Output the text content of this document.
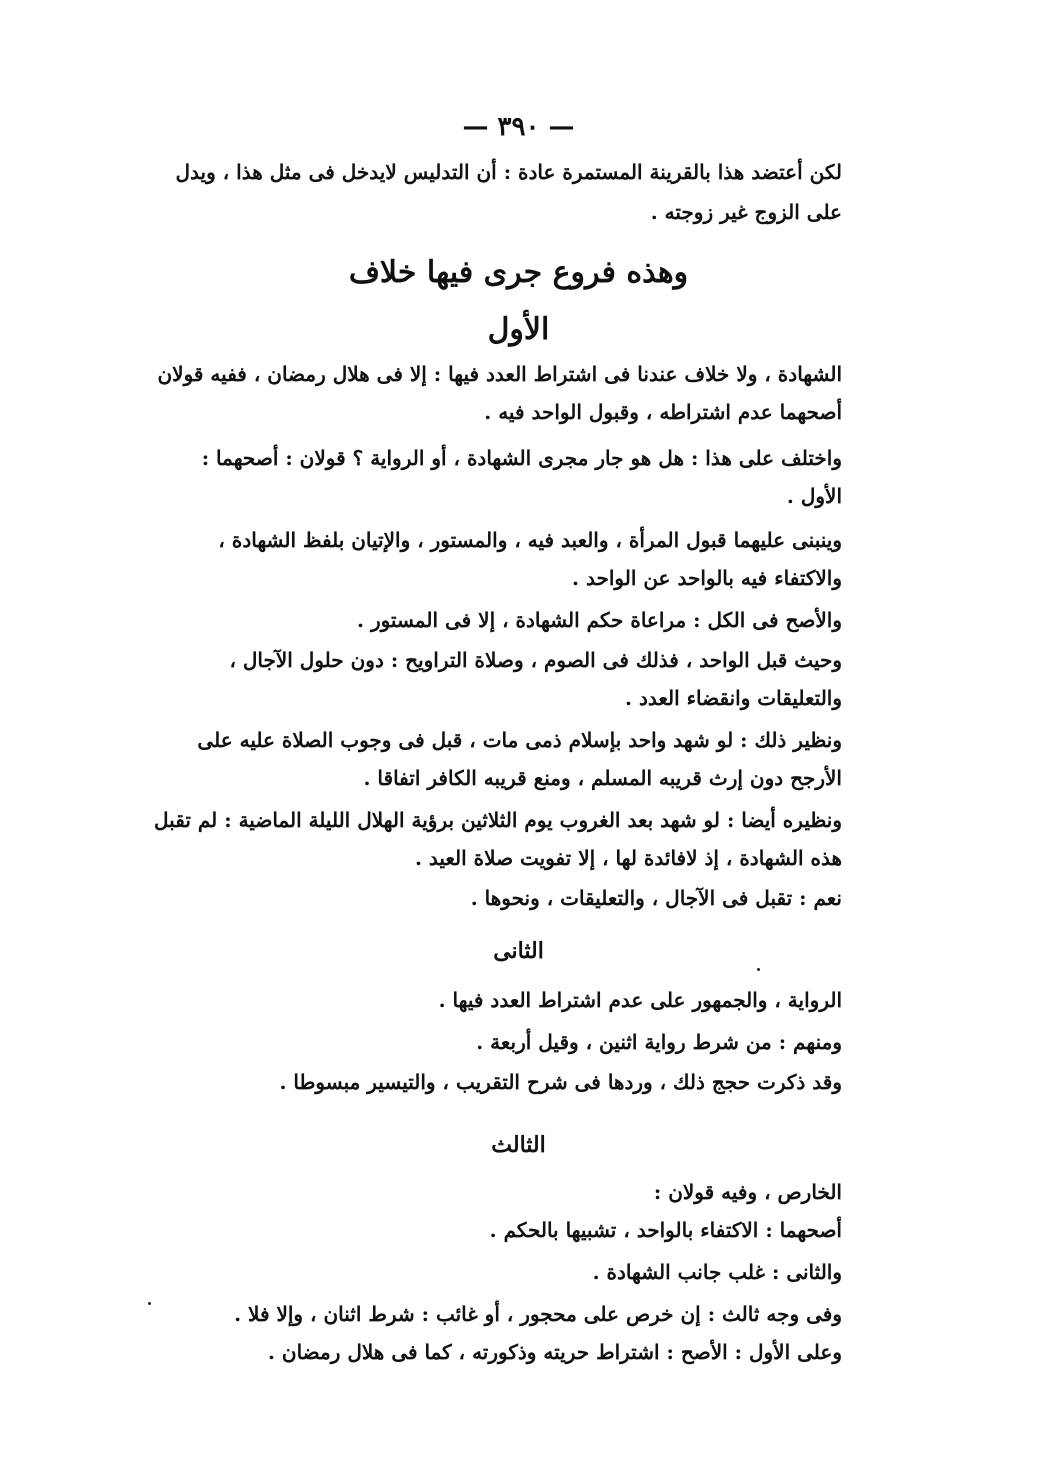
— ٣٩٠ —
لكن أعتضد هذا بالقرينة المستمرة عادة : أن التدليس لايدخل فى مثل هذا ، ويدل
على الزوج غير زوجته .
وهذه فروع جرى فيها خلاف
الأول
الشهادة ، ولا خلاف عندنا فى اشتراط العدد فيها : إلا فى هلال رمضان ، ففيه قولان
أصحهما عدم اشتراطه ، وقبول الواحد فيه .
واختلف على هذا : هل هو جار مجرى الشهادة ، أو الرواية ؟ قولان : أصحهما :
الأول .
وينبنى عليهما قبول المرأة ، والعبد فيه ، والمستور ، والإتيان بلفظ الشهادة ،
والاكتفاء فيه بالواحد عن الواحد .
والأصح فى الكل : مراعاة حكم الشهادة ، إلا فى المستور .
وحيث قبل الواحد ، فذلك فى الصوم ، وصلاة التراويح : دون حلول الآجال ،
والتعليقات وانقضاء العدد .
ونظير ذلك : لو شهد واحد بإسلام ذمى مات ، قبل فى وجوب الصلاة عليه على
الأرجح دون إرث قريبه المسلم ، ومنع قريبه الكافر اتفاقا .
ونظيره أيضا : لو شهد بعد الغروب يوم الثلاثين برؤية الهلال الليلة الماضية : لم تقبل
هذه الشهادة ، إذ لافائدة لها ، إلا تفويت صلاة العيد .
نعم : تقبل فى الآجال ، والتعليقات ، ونحوها .
الثانى
الرواية ، والجمهور على عدم اشتراط العدد فيها .
ومنهم : من شرط رواية اثنين ، وقيل أربعة .
وقد ذكرت حجج ذلك ، وردها فى شرح التقريب ، والتيسير مبسوطا .
الثالث
الخارص ، وفيه قولان :
أصحهما : الاكتفاء بالواحد ، تشبيها بالحكم .
والثانى : غلب جانب الشهادة .
وفى وجه ثالث : إن خرص على محجور ، أو غائب : شرط اثنان ، وإلا فلا .
وعلى الأول : الأصح : اشتراط حريته وذكورته ، كما فى هلال رمضان .
